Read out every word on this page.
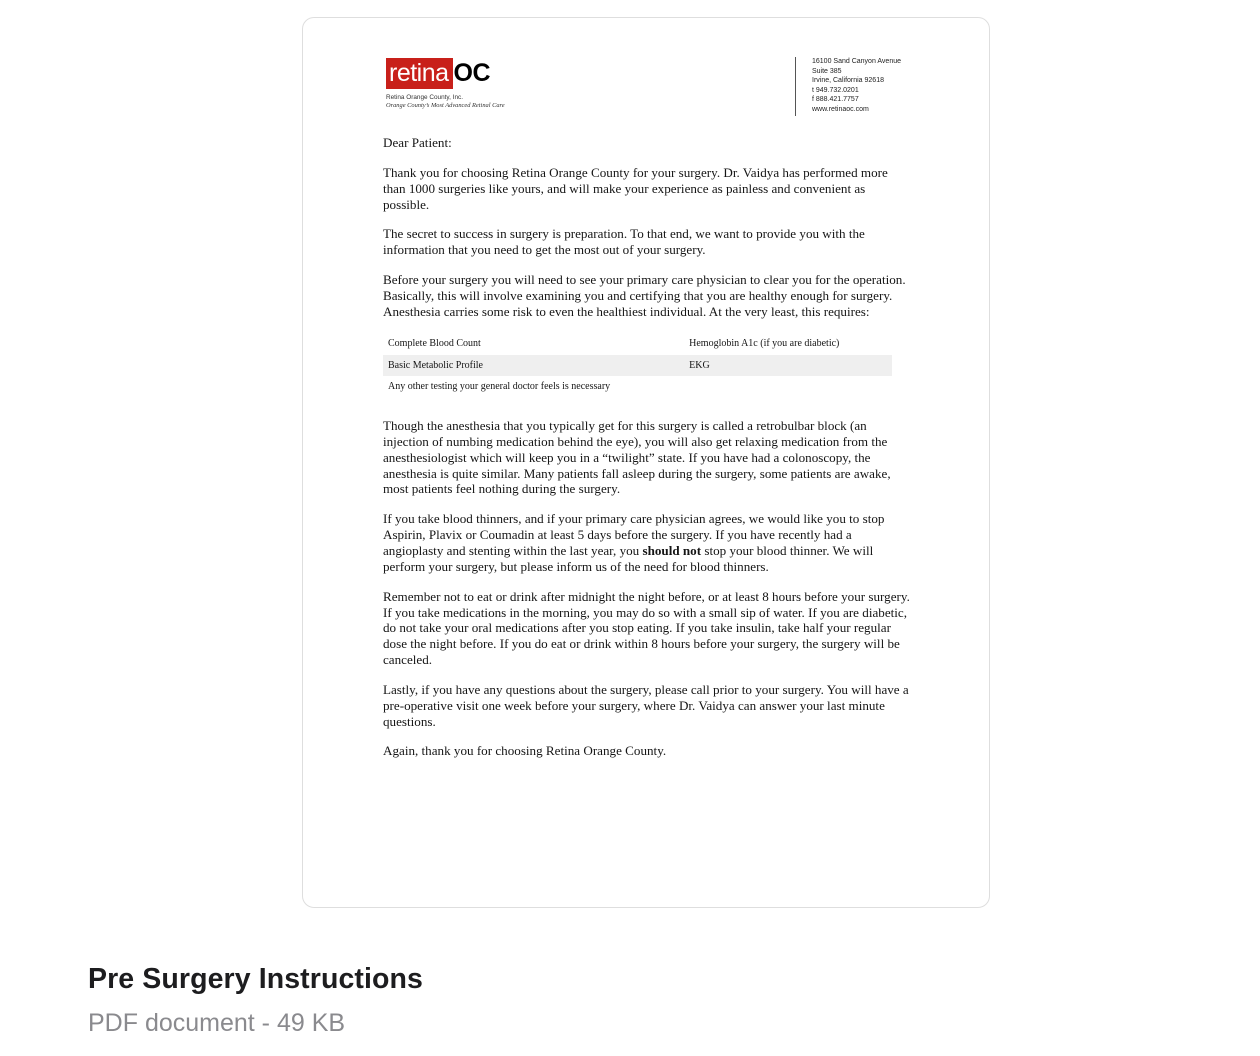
retina OC
Retina Orange County, Inc.
Orange County’s Most Advanced Retinal Care
16100 Sand Canyon Avenue
Suite 385
Irvine, California 92618
t 949.732.0201
f 888.421.7757
www.retinaoc.com

Dear Patient:

Thank you for choosing Retina Orange County for your surgery. Dr. Vaidya has performed more than 1000 surgeries like yours, and will make your experience as painless and convenient as possible.

The secret to success in surgery is preparation. To that end, we want to provide you with the information that you need to get the most out of your surgery.

Before your surgery you will need to see your primary care physician to clear you for the operation. Basically, this will involve examining you and certifying that you are healthy enough for surgery. Anesthesia carries some risk to even the healthiest individual. At the very least, this requires:

Complete Blood Count	Hemoglobin A1c (if you are diabetic)
Basic Metabolic Profile	EKG
Any other testing your general doctor feels is necessary	

Though the anesthesia that you typically get for this surgery is called a retrobulbar block (an injection of numbing medication behind the eye), you will also get relaxing medication from the anesthesiologist which will keep you in a “twilight” state. If you have had a colonoscopy, the anesthesia is quite similar. Many patients fall asleep during the surgery, some patients are awake, most patients feel nothing during the surgery.

If you take blood thinners, and if your primary care physician agrees, we would like you to stop Aspirin, Plavix or Coumadin at least 5 days before the surgery. If you have recently had a angioplasty and stenting within the last year, you should not stop your blood thinner. We will perform your surgery, but please inform us of the need for blood thinners.

Remember not to eat or drink after midnight the night before, or at least 8 hours before your surgery. If you take medications in the morning, you may do so with a small sip of water. If you are diabetic, do not take your oral medications after you stop eating. If you take insulin, take half your regular dose the night before. If you do eat or drink within 8 hours before your surgery, the surgery will be canceled.

Lastly, if you have any questions about the surgery, please call prior to your surgery. You will have a pre-operative visit one week before your surgery, where Dr. Vaidya can answer your last minute questions.

Again, thank you for choosing Retina Orange County.

Pre Surgery Instructions
PDF document - 49 KB
